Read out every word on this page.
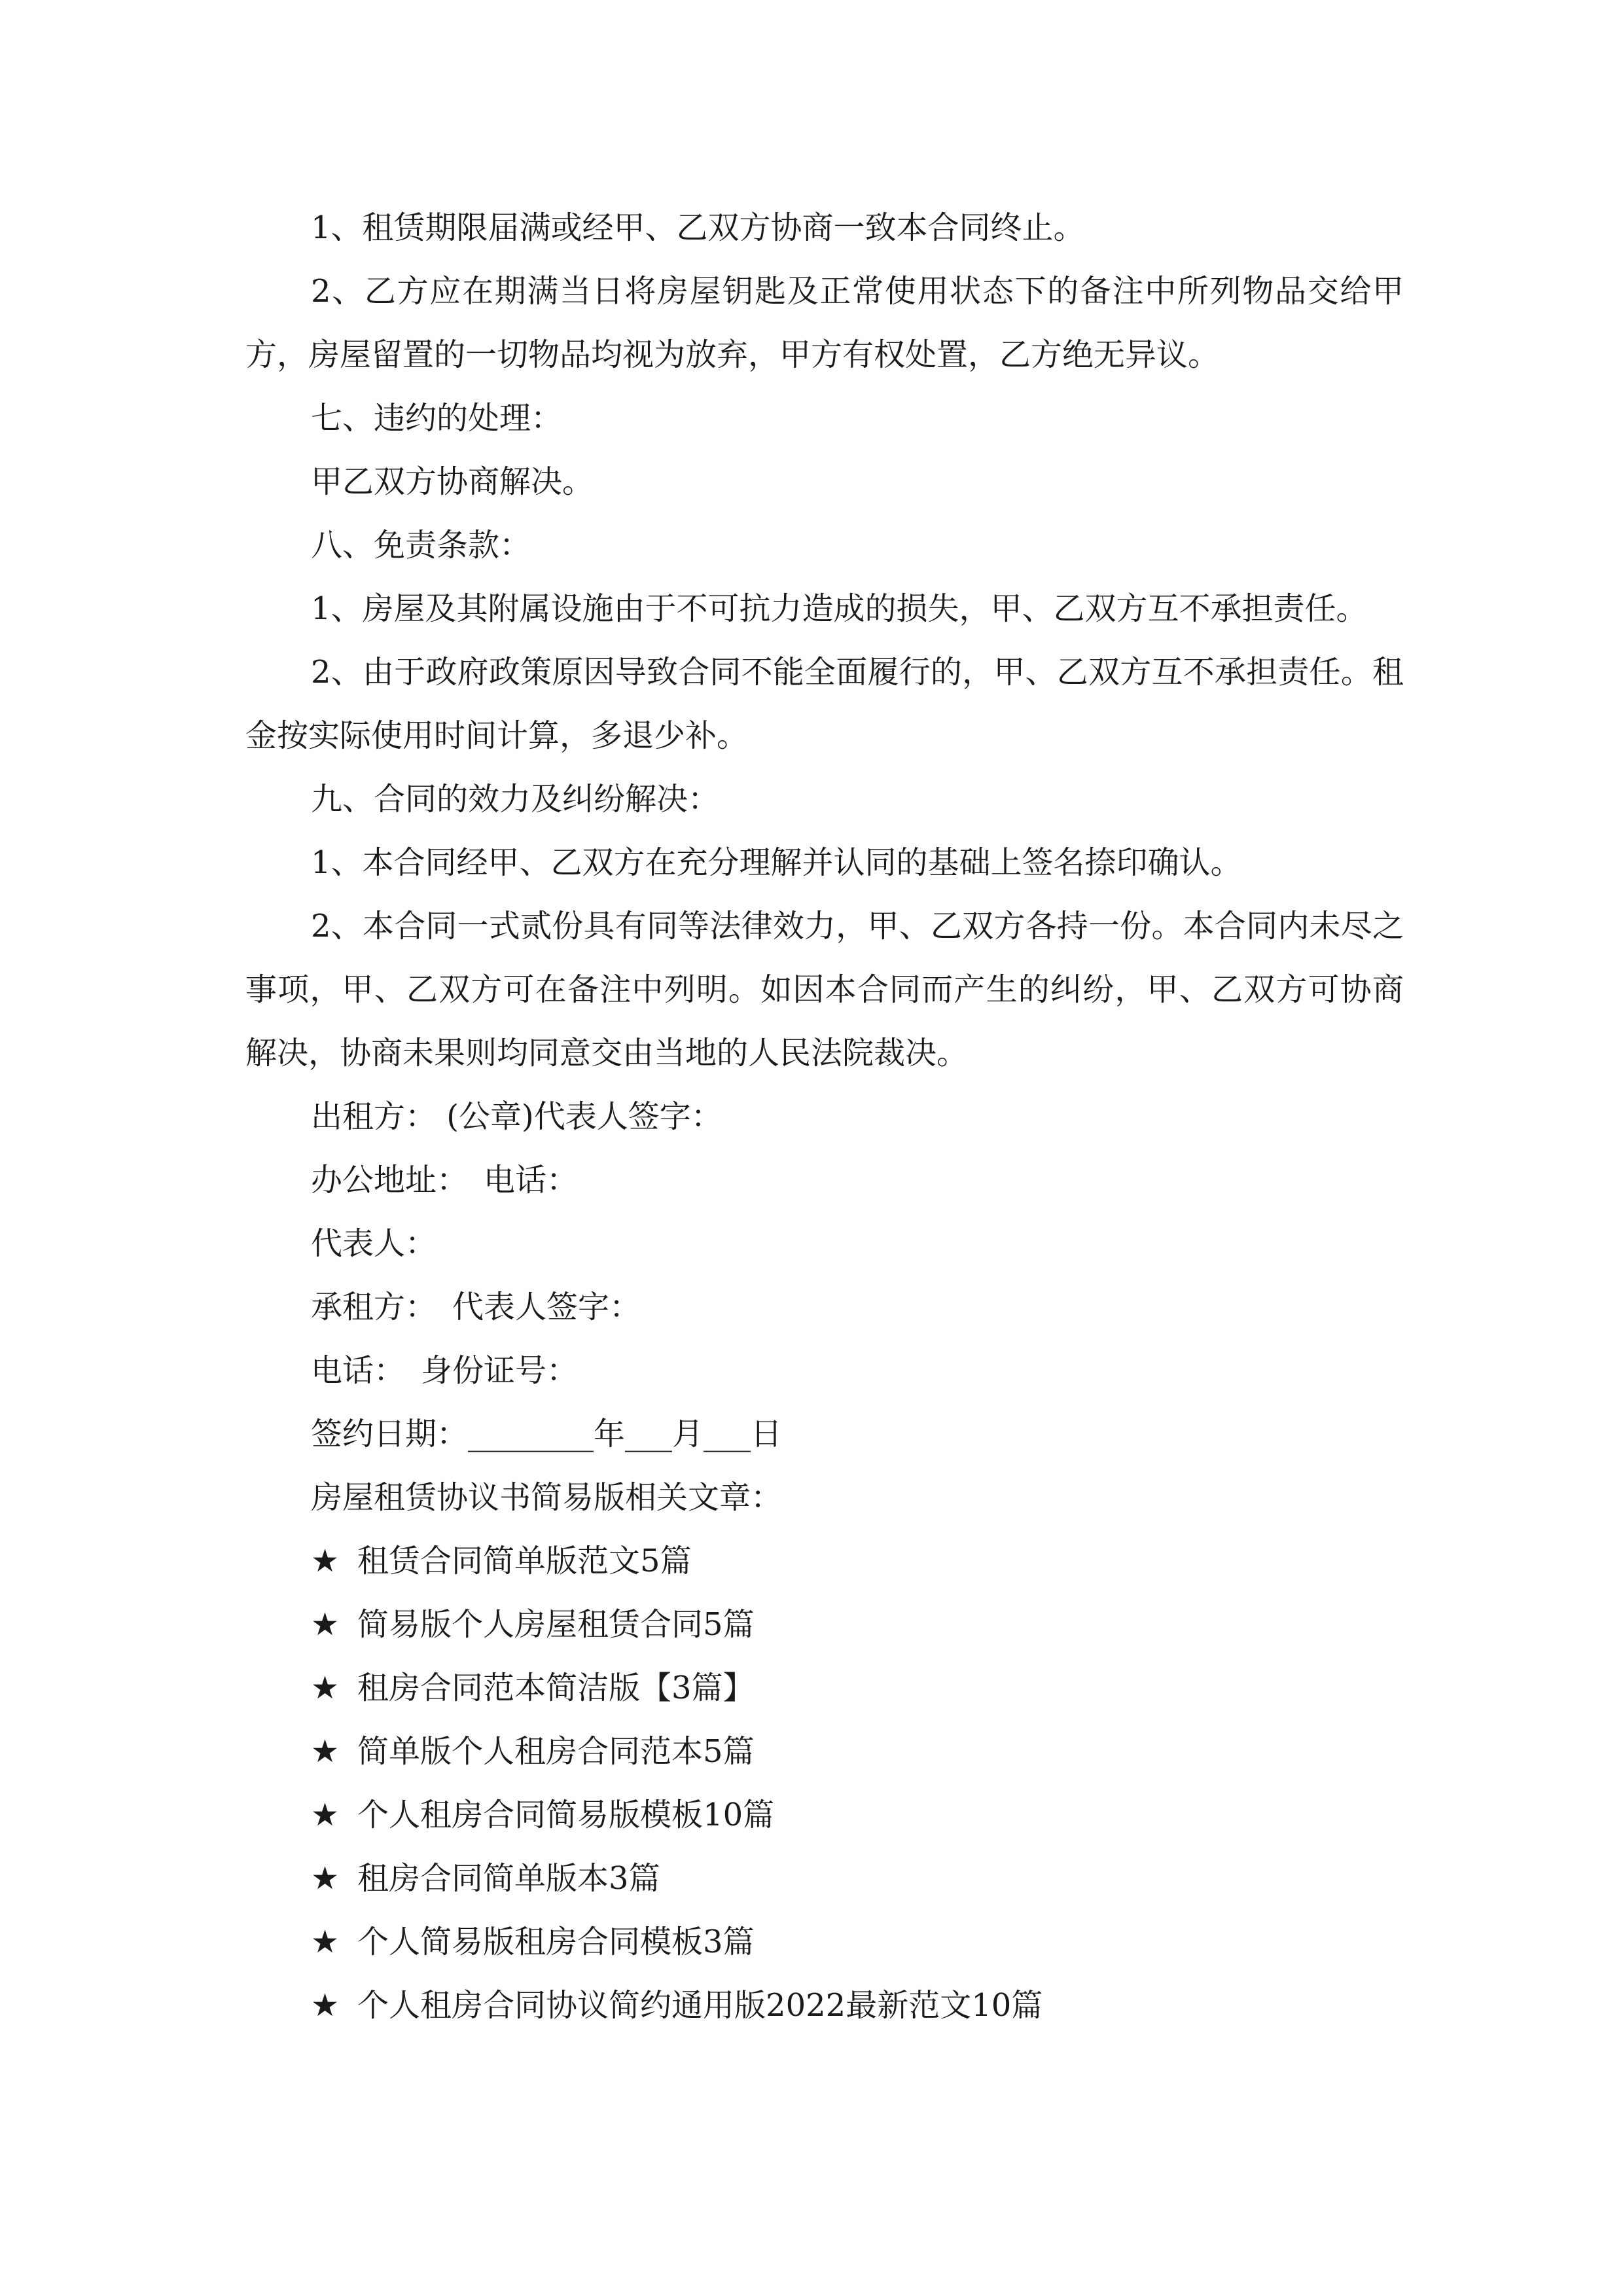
1、租赁期限届满或经甲、乙双方协商一致本合同终止。

2、乙方应在期满当日将房屋钥匙及正常使用状态下的备注中所列物品交给甲方，房屋留置的一切物品均视为放弃，甲方有权处置，乙方绝无异议。

七、违约的处理：

甲乙双方协商解决。

八、免责条款：

1、房屋及其附属设施由于不可抗力造成的损失，甲、乙双方互不承担责任。

2、由于政府政策原因导致合同不能全面履行的，甲、乙双方互不承担责任。租金按实际使用时间计算，多退少补。

九、合同的效力及纠纷解决：

1、本合同经甲、乙双方在充分理解并认同的基础上签名捺印确认。

2、本合同一式贰份具有同等法律效力，甲、乙双方各持一份。本合同内未尽之事项，甲、乙双方可在备注中列明。如因本合同而产生的纠纷，甲、乙双方可协商解决，协商未果则均同意交由当地的人民法院裁决。

出租方： (公章)代表人签字：

办公地址：　电话：

代表人：

承租方：　代表人签字：

电话：　身份证号：

签约日期：________年___月___日

房屋租赁协议书简易版相关文章：

★ 租赁合同简单版范文5篇

★ 简易版个人房屋租赁合同5篇

★ 租房合同范本简洁版【3篇】

★ 简单版个人租房合同范本5篇

★ 个人租房合同简易版模板10篇

★ 租房合同简单版本3篇

★ 个人简易版租房合同模板3篇

★ 个人租房合同协议简约通用版2022最新范文10篇
